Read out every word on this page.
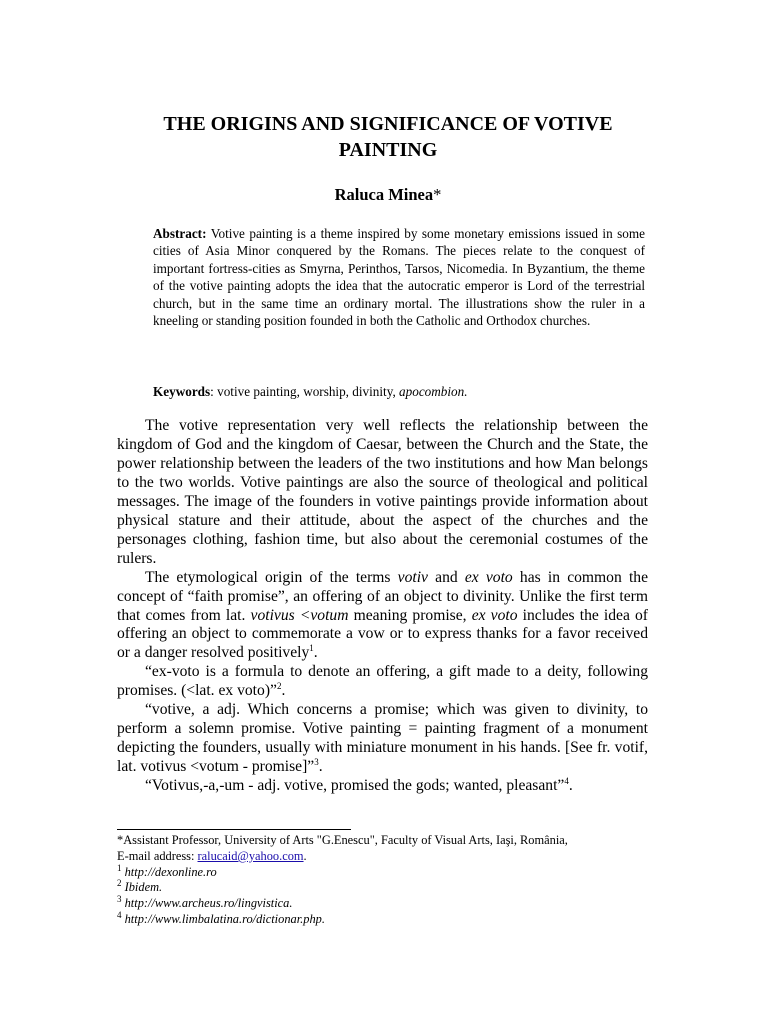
THE ORIGINS AND SIGNIFICANCE OF VOTIVE
PAINTING
Raluca Minea*

Abstract: Votive painting is a theme inspired by some monetary emissions issued in some cities of Asia Minor conquered by the Romans. The pieces relate to the conquest of important fortress-cities as Smyrna, Perinthos, Tarsos, Nicomedia. In Byzantium, the theme of the votive painting adopts the idea that the autocratic emperor is Lord of the terrestrial church, but in the same time an ordinary mortal. The illustrations show the ruler in a kneeling or standing position founded in both the Catholic and Orthodox churches.

Keywords: votive painting, worship, divinity, apocombion.

The votive representation very well reflects the relationship between the kingdom of God and the kingdom of Caesar, between the Church and the State, the power relationship between the leaders of the two institutions and how Man belongs to the two worlds. Votive paintings are also the source of theological and political messages. The image of the founders in votive paintings provide information about physical stature and their attitude, about the aspect of the churches and the personages clothing, fashion time, but also about the ceremonial costumes of the rulers.

The etymological origin of the terms votiv and ex voto has in common the concept of “faith promise”, an offering of an object to divinity. Unlike the first term that comes from lat. votivus <votum meaning promise, ex voto includes the idea of offering an object to commemorate a vow or to express thanks for a favor received or a danger resolved positively$^1$.

“ex-voto is a formula to denote an offering, a gift made to a deity, following promises. (<lat. ex voto)”$^2$.

“votive, a adj. Which concerns a promise; which was given to divinity, to perform a solemn promise. Votive painting = painting fragment of a monument depicting the founders, usually with miniature monument in his hands. [See fr. votif, lat. votivus <votum - promise]”$^3$.

“Votivus,-a,-um - adj. votive, promised the gods; wanted, pleasant”$^4$.

*Assistant Professor, University of Arts "G.Enescu", Faculty of Visual Arts, Iaşi, România,
E-mail address: ralucaid@yahoo.com.
$^1$ http://dexonline.ro
$^2$ Ibidem.
$^3$ http://www.archeus.ro/lingvistica.
$^4$ http://www.limbalatina.ro/dictionar.php.
